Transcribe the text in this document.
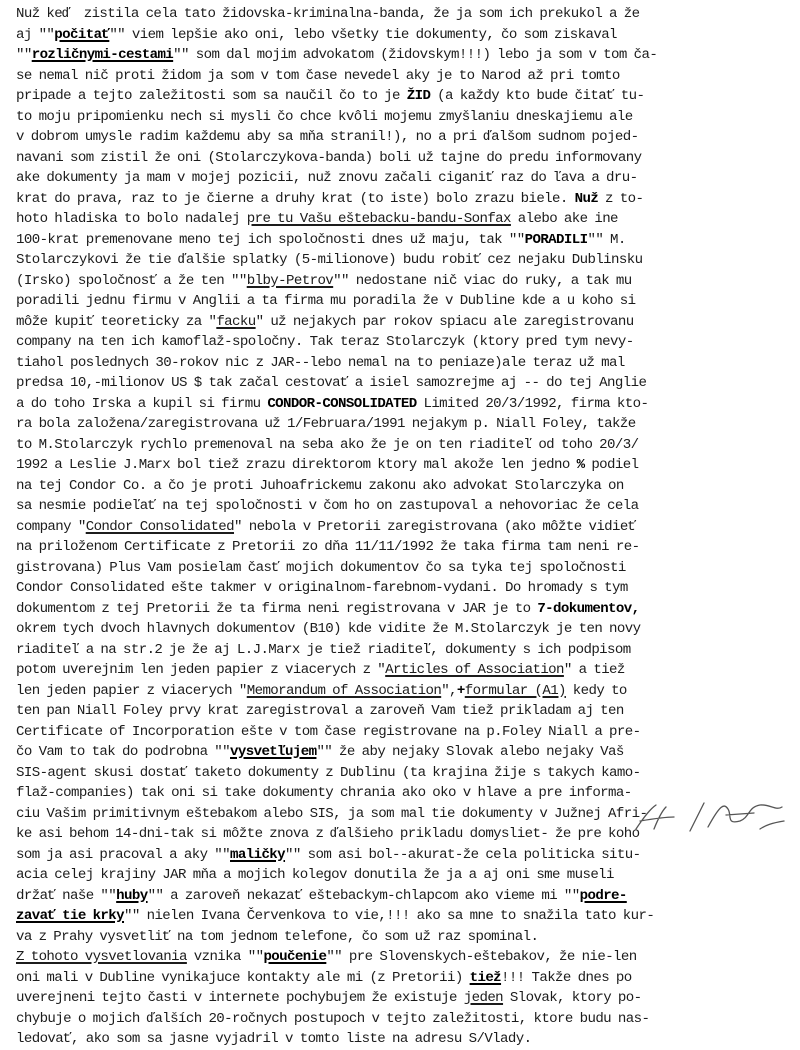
Nuž keď  zistila cela tato židovska-kriminalna-banda, že ja som ich prekukol a že
aj ""počitať"" viem lepšie ako oni, lebo všetky tie dokumenty, čo som ziskaval
""rozličnymi-cestami"" som dal mojim advokatom (židovskym!!!) lebo ja som v tom ča-
se nemal nič proti židom ja som v tom čase nevedel aky je to Narod až pri tomto
pripade a tejto zaležitosti som sa naučil čo to je ŽID (a každy kto bude čitať tu-
to moju pripomienku nech si mysli čo chce kvôli mojemu zmyšlaniu dneskajiemu ale
v dobrom umysle radim každemu aby sa mňa stranil!), no a pri ďalšom sudnom pojed-
navani som zistil že oni (Stolarczykova-banda) boli už tajne do predu informovany
ake dokumenty ja mam v mojej pozicii, nuž znovu začali ciganiť raz do ľava a dru-
krat do prava, raz to je čierne a druhy krat (to iste) bolo zrazu biele. Nuž z to-
hoto hladiska to bolo nadalej pre tu Vašu eštebacku-bandu-Sonfax alebo ake ine
100-krat premenovane meno tej ich spoločnosti dnes už maju, tak ""PORADILI"" M.
Stolarczykovi že tie ďalšie splatky (5-milionove) budu robiť cez nejaku Dublinsku
(Irsko) spoločnosť a že ten ""blby-Petrov"" nedostane nič viac do ruky, a tak mu
poradili jednu firmu v Anglii a ta firma mu poradila že v Dubline kde a u koho si
môže kupiť teoreticky za "facku" už nejakych par rokov spiacu ale zaregistrovanu
company na ten ich kamoflaž-spoločny. Tak teraz Stolarczyk (ktory pred tym nevy-
tiahol poslednych 30-rokov nic z JAR--lebo nemal na to peniaze)ale teraz už mal
predsa 10,-milionov US $ tak začal cestovať a isiel samozrejme aj -- do tej Anglie
a do toho Irska a kupil si firmu CONDOR-CONSOLIDATED Limited 20/3/1992, firma kto-
ra bola založena/zaregistrovana už 1/Februara/1991 nejakym p. Niall Foley, takže
to M.Stolarczyk rychlo premenoval na seba ako že je on ten riaditeľ od toho 20/3/
1992 a Leslie J.Marx bol tiež zrazu direktorom ktory mal akože len jedno % podiel
na tej Condor Co. a čo je proti Juhoafrickemu zakonu ako advokat Stolarczyka on
sa nesmie podieľať na tej spoločnosti v čom ho on zastupoval a nehovoriac že cela
company "Condor Consolidated" nebola v Pretorii zaregistrovana (ako môžte vidieť
na priloženom Certificate z Pretorii zo dňa 11/11/1992 že taka firma tam neni re-
gistrovana) Plus Vam posielam časť mojich dokumentov čo sa tyka tej spoločnosti
Condor Consolidated ešte takmer v originalnom-farebnom-vydani. Do hromady s tym
dokumentom z tej Pretorii že ta firma neni registrovana v JAR je to 7-dokumentov,
okrem tych dvoch hlavnych dokumentov (B10) kde vidite že M.Stolarczyk je ten novy
riaditeľ a na str.2 je že aj L.J.Marx je tiež riaditeľ, dokumenty s ich podpisom
potom uverejnim len jeden papier z viacerych z "Articles of Association" a tiež
len jeden papier z viacerych "Memorandum of Association",+formular (A1) kedy to
ten pan Niall Foley prvy krat zaregistroval a zaroveň Vam tiež prikladam aj ten
Certificate of Incorporation ešte v tom čase registrovane na p.Foley Niall a pre-
čo Vam to tak do podrobna ""vysvetľujem"" že aby nejaky Slovak alebo nejaky Vaš
SIS-agent skusi dostať taketo dokumenty z Dublinu (ta krajina žije s takych kamo-
flaž-companies) tak oni si take dokumenty chrania ako oko v hlave a pre informa-
ciu Vašim primitivnym eštebakom alebo SIS, ja som mal tie dokumenty v Južnej Afri-
ke asi behom 14-dni-tak si môžte znova z ďalšieho prikladu domysliet- že pre koho
som ja asi pracoval a aky ""maličky"" som asi bol--akurat-že cela politicka situ-
acia celej krajiny JAR mňa a mojich kolegov donutila že ja a aj oni sme museli
držať naše ""huby"" a zaroveň nekazať eštebackym-chlapcom ako vieme mi ""podre-
zavať tie krky"" nielen Ivana Červenkova to vie,!!! ako sa mne to snažila tato kur-
va z Prahy vysvetliť na tom jednom telefone, čo som už raz spominal.
Z tohoto vysvetlovania vznika ""poučenie"" pre Slovenskych-eštebakov, že nie-len
oni mali v Dubline vynikajuce kontakty ale mi (z Pretorii) tiež!!! Takže dnes po
uverejneni tejto časti v internete pochybujem že existuje jeden Slovak, ktory po-
chybuje o mojich ďalších 20-ročnych postupoch v tejto zaležitosti, ktore budu nas-
ledovať, ako som sa jasne vyjadril v tomto liste na adresu S/Vlady.
